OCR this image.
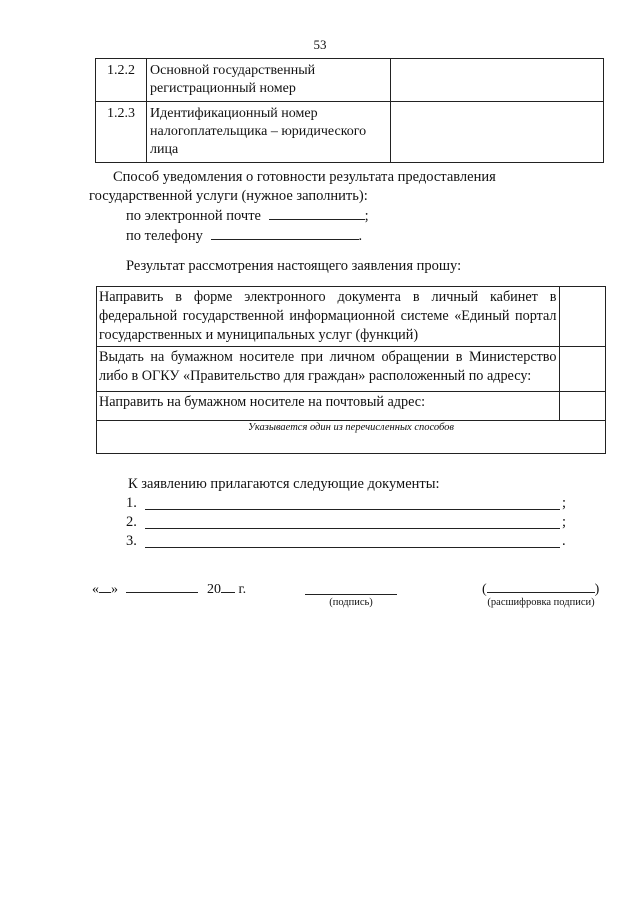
53
1.2.2	Основной государственный регистрационный номер	
1.2.3	Идентификационный номер налогоплательщика – юридического лица	
Способ уведомления о готовности результата предоставления
государственной услуги (нужное заполнить):
по электронной почте	;
по телефону	.
Результат рассмотрения настоящего заявления прошу:
Направить в форме электронного документа в личный кабинет в федеральной государственной информационной системе «Единый портал государственных и муниципальных услуг (функций)	
Выдать на бумажном носителе при личном обращении в Министерство либо в ОГКУ «Правительство для граждан» расположенный по адресу:	
Направить на бумажном носителе на почтовый адрес:	
Указывается один из перечисленных способов	
К заявлению прилагаются следующие документы:
1.	;
2.	;
3.	.
« »	20 г.
(подпись)
(	)
(расшифровка подписи)
